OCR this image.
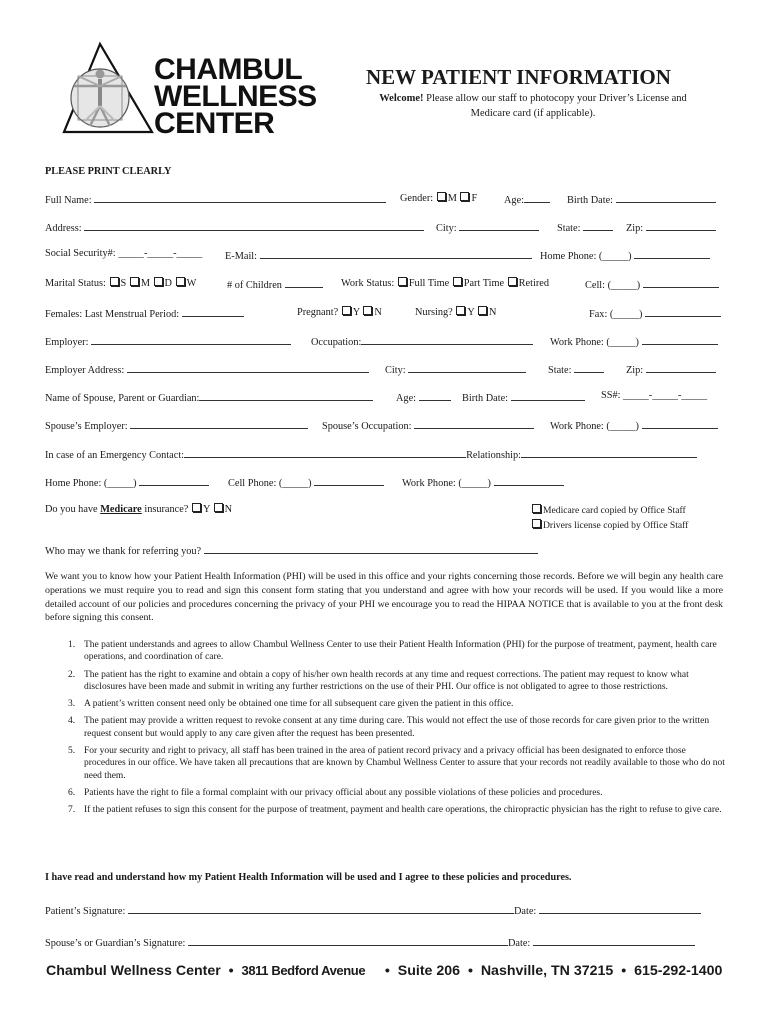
CHAMBUL
WELLNESS
CENTER
NEW PATIENT INFORMATION
Welcome! Please allow our staff to photocopy your Driver’s License and
Medicare card (if applicable).
PLEASE PRINT CLEARLY
Full Name:	Gender: M F	Age:	Birth Date:
Address:	City:	State:	Zip:
Social Security#: _____-_____-_____ E-Mail:	Home Phone: (_____)
Marital Status: S M D W	# of Children	Work Status: Full Time Part Time Retired	Cell: (_____)
Females: Last Menstrual Period:	Pregnant? Y N	Nursing? Y N	Fax: (_____)
Employer:	Occupation:	Work Phone: (_____)
Employer Address:	City:	State:	Zip:
Name of Spouse, Parent or Guardian:	Age:	Birth Date:	SS#: _____-_____-_____
Spouse’s Employer:	Spouse’s Occupation:	Work Phone: (_____)
In case of an Emergency Contact:	Relationship:
Home Phone: (_____)	Cell Phone: (_____)	Work Phone: (_____)
Do you have Medicare insurance? Y N	Medicare card copied by Office Staff
Drivers license copied by Office Staff
Who may we thank for referring you?
We want you to know how your Patient Health Information (PHI) will be used in this office and your rights concerning those records. Before we will begin any health care operations we must require you to read and sign this consent form stating that you understand and agree with how your records will be used. If you would like a more detailed account of our policies and procedures concerning the privacy of your PHI we encourage you to read the HIPAA NOTICE that is available to you at the front desk before signing this consent.
1. The patient understands and agrees to allow Chambul Wellness Center to use their Patient Health Information (PHI) for the purpose of treatment, payment, health care operations, and coordination of care.
2. The patient has the right to examine and obtain a copy of his/her own health records at any time and request corrections. The patient may request to know what disclosures have been made and submit in writing any further restrictions on the use of their PHI. Our office is not obligated to agree to those restrictions.
3. A patient’s written consent need only be obtained one time for all subsequent care given the patient in this office.
4. The patient may provide a written request to revoke consent at any time during care. This would not effect the use of those records for care given prior to the written request consent but would apply to any care given after the request has been presented.
5. For your security and right to privacy, all staff has been trained in the area of patient record privacy and a privacy official has been designated to enforce those procedures in our office. We have taken all precautions that are known by Chambul Wellness Center to assure that your records not readily available to those who do not need them.
6. Patients have the right to file a formal complaint with our privacy official about any possible violations of these policies and procedures.
7. If the patient refuses to sign this consent for the purpose of treatment, payment and health care operations, the chiropractic physician has the right to refuse to give care.
I have read and understand how my Patient Health Information will be used and I agree to these policies and procedures.
Patient’s Signature:	Date:
Spouse’s or Guardian’s Signature:	Date:
Chambul Wellness Center • 3811 Bedford Avenue • Suite 206 • Nashville, TN 37215 • 615-292-1400
